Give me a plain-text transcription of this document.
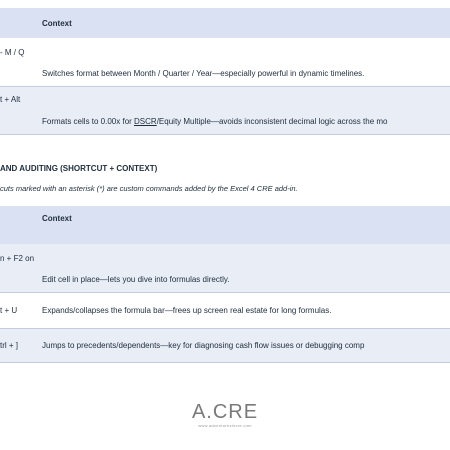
	Context
- M / Q	Switches format between Month / Quarter / Year—especially powerful in dynamic timelines.
t + Alt	Formats cells to 0.00x for DSCR/Equity Multiple—avoids inconsistent decimal logic across the mo
AND AUDITING (SHORTCUT + CONTEXT)
cuts marked with an asterisk (*) are custom commands added by the Excel 4 CRE add-in.
	Context

n + F2 on	Edit cell in place—lets you dive into formulas directly.
t + U	Expands/collapses the formula bar—frees up screen real estate for long formulas.
trl + ]	Jumps to precedents/dependents—key for diagnosing cash flow issues or debugging comp
A.CRE
www.adventuresincre.com
